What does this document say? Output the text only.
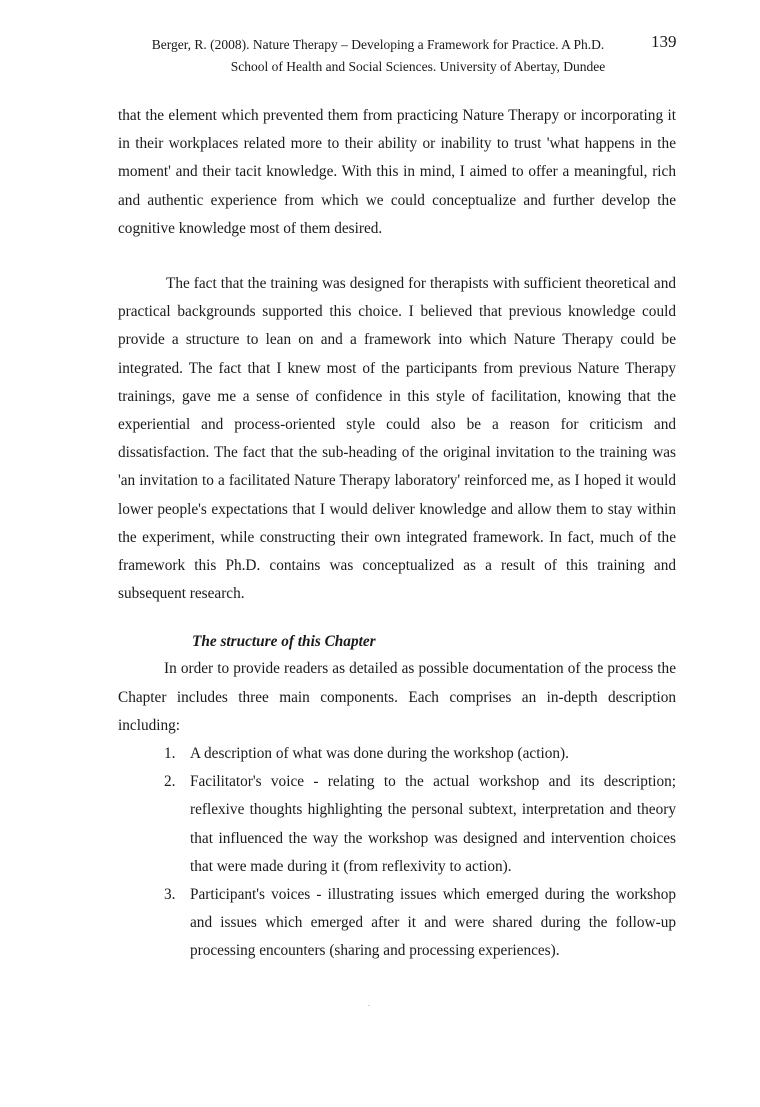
Berger, R. (2008). Nature Therapy – Developing a Framework for Practice. A Ph.D.
School of Health and Social Sciences. University of Abertay, Dundee
139

that the element which prevented them from practicing Nature Therapy or incorporating it in their workplaces related more to their ability or inability to trust 'what happens in the moment' and their tacit knowledge. With this in mind, I aimed to offer a meaningful, rich and authentic experience from which we could conceptualize and further develop the cognitive knowledge most of them desired.

The fact that the training was designed for therapists with sufficient theoretical and practical backgrounds supported this choice. I believed that previous knowledge could provide a structure to lean on and a framework into which Nature Therapy could be integrated. The fact that I knew most of the participants from previous Nature Therapy trainings, gave me a sense of confidence in this style of facilitation, knowing that the experiential and process-oriented style could also be a reason for criticism and dissatisfaction. The fact that the sub-heading of the original invitation to the training was 'an invitation to a facilitated Nature Therapy laboratory' reinforced me, as I hoped it would lower people's expectations that I would deliver knowledge and allow them to stay within the experiment, while constructing their own integrated framework. In fact, much of the framework this Ph.D. contains was conceptualized as a result of this training and subsequent research.

The structure of this Chapter

In order to provide readers as detailed as possible documentation of the process the Chapter includes three main components. Each comprises an in-depth description including:

1. A description of what was done during the workshop (action).
2. Facilitator's voice - relating to the actual workshop and its description; reflexive thoughts highlighting the personal subtext, interpretation and theory that influenced the way the workshop was designed and intervention choices that were made during it (from reflexivity to action).
3. Participant's voices - illustrating issues which emerged during the workshop and issues which emerged after it and were shared during the follow-up processing encounters (sharing and processing experiences).
